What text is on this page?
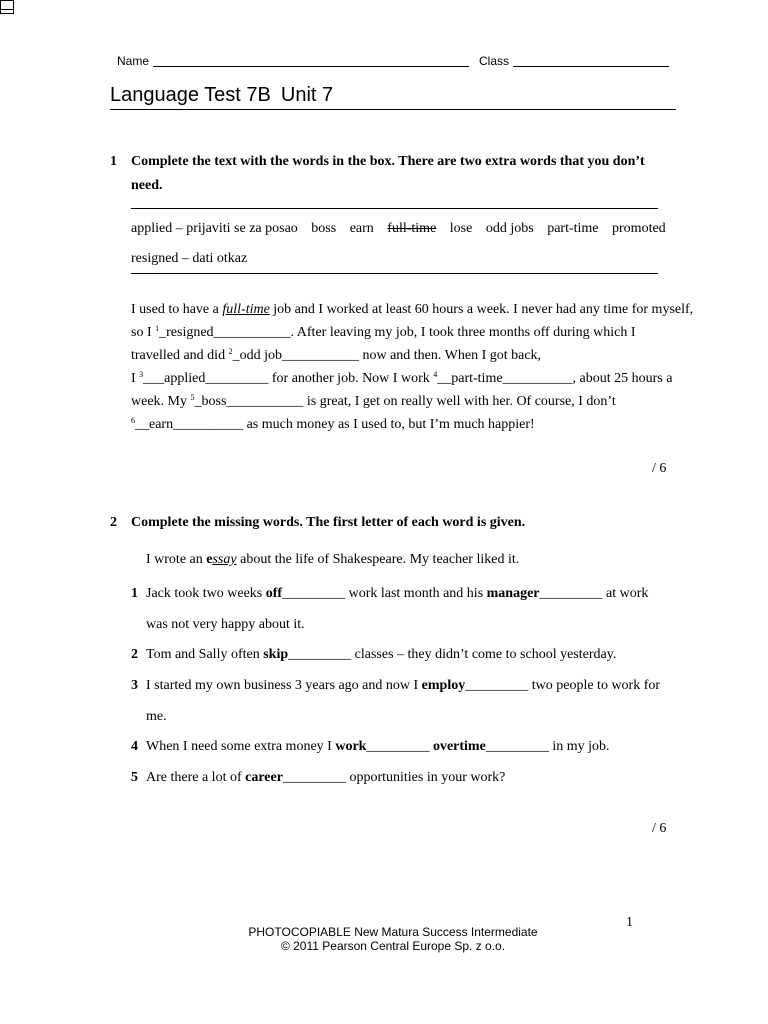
Name	Class
Language Test 7B Unit 7
1 Complete the text with the words in the box. There are two extra words that you don’t need.
applied – prijaviti se za posao boss earn full-time lose odd jobs part-time promoted
resigned – dati otkaz
I used to have a full-time job and I worked at least 60 hours a week. I never had any time for myself,
so I $^1$_resigned___________. After leaving my job, I took three months off during which I
travelled and did $^2$_odd job___________ now and then. When I got back,
I $^3$___applied_________ for another job. Now I work $^4$__part-time__________, about 25 hours a
week. My $^5$_boss___________ is great, I get on really well with her. Of course, I don’t
$^6$__earn__________ as much money as I used to, but I’m much happier!
/ 6
2 Complete the missing words. The first letter of each word is given.
I wrote an essay about the life of Shakespeare. My teacher liked it.
1 Jack took two weeks off_________ work last month and his manager_________ at work
was not very happy about it.
2 Tom and Sally often skip_________ classes – they didn’t come to school yesterday.
3 I started my own business 3 years ago and now I employ_________ two people to work for
me.
4 When I need some extra money I work_________ overtime_________ in my job.
5 Are there a lot of career_________ opportunities in your work?
/ 6
1
PHOTOCOPIABLE New Matura Success Intermediate
© 2011 Pearson Central Europe Sp. z o.o.
